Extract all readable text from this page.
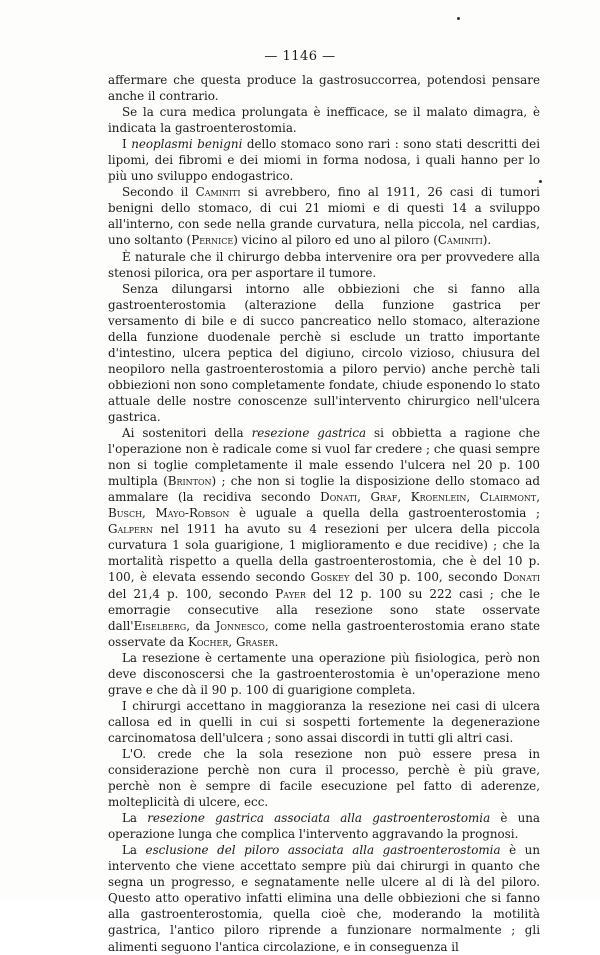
— 1146 —

affermare che questa produce la gastrosuccorrea, potendosi pensare anche il contrario.

Se la cura medica prolungata è inefficace, se il malato dimagra, è indicata la gastroenterostomia.

I neoplasmi benigni dello stomaco sono rari : sono stati descritti dei lipomi, dei fibromi e dei miomi in forma nodosa, i quali hanno per lo più uno sviluppo endogastrico.

Secondo il Caminiti si avrebbero, fino al 1911, 26 casi di tumori benigni dello stomaco, di cui 21 miomi e di questi 14 a sviluppo all'interno, con sede nella grande curvatura, nella piccola, nel cardias, uno soltanto (Pernice) vicino al piloro ed uno al piloro (Caminiti).

È naturale che il chirurgo debba intervenire ora per provvedere alla stenosi pilorica, ora per asportare il tumore.

Senza dilungarsi intorno alle obbiezioni che si fanno alla gastroenterostomia (alterazione della funzione gastrica per versamento di bile e di succo pancreatico nello stomaco, alterazione della funzione duodenale perchè si esclude un tratto importante d'intestino, ulcera peptica del digiuno, circolo vizioso, chiusura del neopiloro nella gastroenterostomia a piloro pervio) anche perchè tali obbiezioni non sono completamente fondate, chiude esponendo lo stato attuale delle nostre conoscenze sull'intervento chirurgico nell'ulcera gastrica.

Ai sostenitori della resezione gastrica si obbietta a ragione che l'operazione non è radicale come si vuol far credere ; che quasi sempre non si toglie completamente il male essendo l'ulcera nel 20 p. 100 multipla (Brinton) ; che non si toglie la disposizione dello stomaco ad ammalare (la recidiva secondo Donati, Graf, Kroenlein, Clairmont, Busch, Mayo-Robson è uguale a quella della gastroenterostomia ; Galpern nel 1911 ha avuto su 4 resezioni per ulcera della piccola curvatura 1 sola guarigione, 1 miglioramento e due recidive) ; che la mortalità rispetto a quella della gastroenterostomia, che è del 10 p. 100, è elevata essendo secondo Goskey del 30 p. 100, secondo Donati del 21,4 p. 100, secondo Payer del 12 p. 100 su 222 casi ; che le emorragie consecutive alla resezione sono state osservate dall'Eiselberg, da Jonnesco, come nella gastroenterostomia erano state osservate da Kocher, Graser.

La resezione è certamente una operazione più fisiologica, però non deve disconoscersi che la gastroenterostomia è un'operazione meno grave e che dà il 90 p. 100 di guarigione completa.

I chirurgi accettano in maggioranza la resezione nei casi di ulcera callosa ed in quelli in cui si sospetti fortemente la degenerazione carcinomatosa dell'ulcera ; sono assai discordi in tutti gli altri casi.

L'O. crede che la sola resezione non può essere presa in considerazione perchè non cura il processo, perchè è più grave, perchè non è sempre di facile esecuzione pel fatto di aderenze, molteplicità di ulcere, ecc.

La resezione gastrica associata alla gastroenterostomia è una operazione lunga che complica l'intervento aggravando la prognosi.

La esclusione del piloro associata alla gastroenterostomia è un intervento che viene accettato sempre più dai chirurgi in quanto che segna un progresso, e segnatamente nelle ulcere al di là del piloro. Questo atto operativo infatti elimina una delle obbiezioni che si fanno alla gastroenterostomia, quella cioè che, moderando la motilità gastrica, l'antico piloro riprende a funzionare normalmente ; gli alimenti seguono l'antica circolazione, e in conseguenza il
